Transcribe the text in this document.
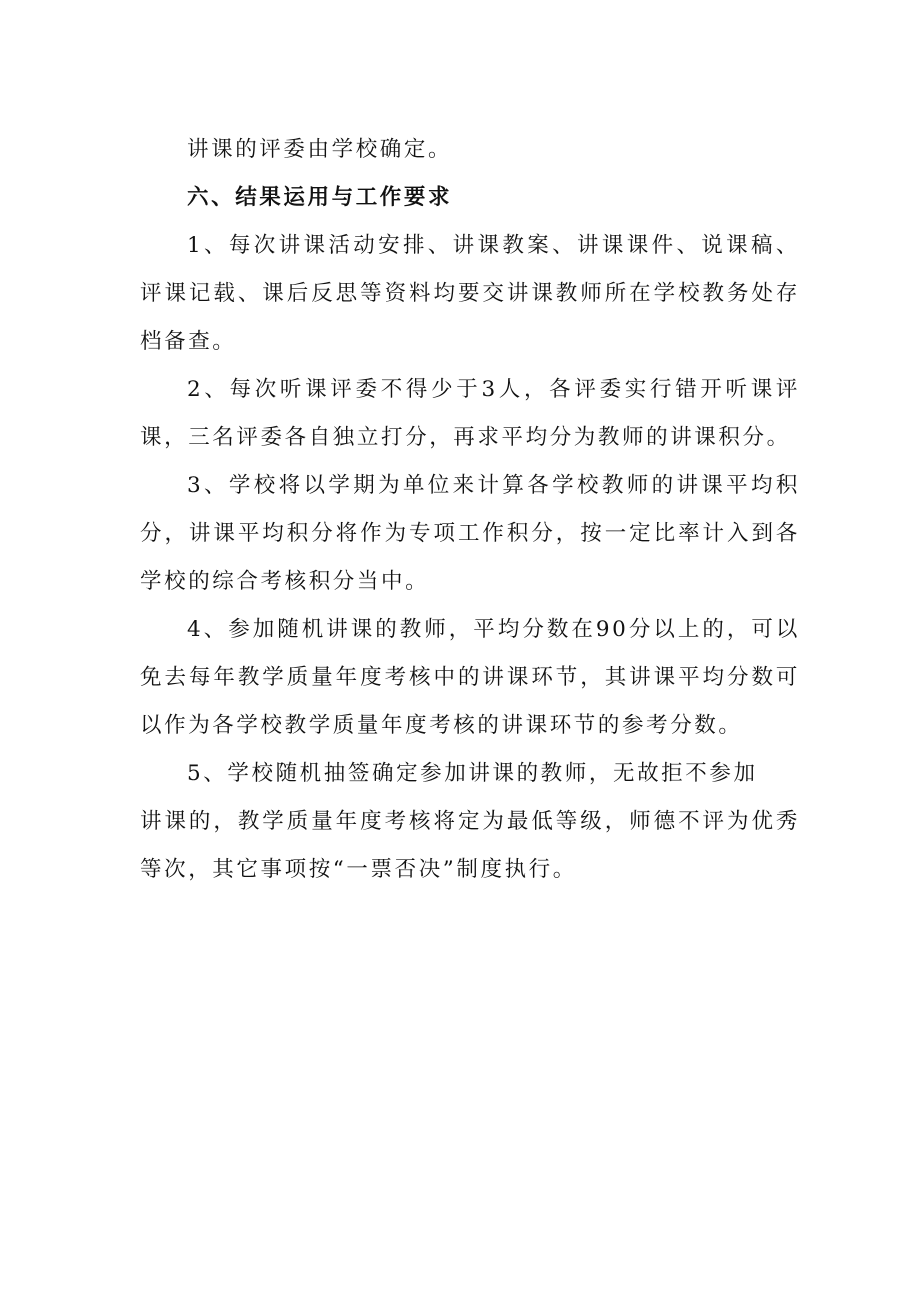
讲课的评委由学校确定。

六、结果运用与工作要求

1、每次讲课活动安排、讲课教案、讲课课件、说课稿、评课记载、课后反思等资料均要交讲课教师所在学校教务处存档备查。

2、每次听课评委不得少于3人，各评委实行错开听课评课，三名评委各自独立打分，再求平均分为教师的讲课积分。

3、学校将以学期为单位来计算各学校教师的讲课平均积分，讲课平均积分将作为专项工作积分，按一定比率计入到各学校的综合考核积分当中。

4、参加随机讲课的教师，平均分数在90分以上的，可以免去每年教学质量年度考核中的讲课环节，其讲课平均分数可以作为各学校教学质量年度考核的讲课环节的参考分数。

5、学校随机抽签确定参加讲课的教师，无故拒不参加

讲课的，教学质量年度考核将定为最低等级，师德不评为优秀等次，其它事项按“一票否决”制度执行。
